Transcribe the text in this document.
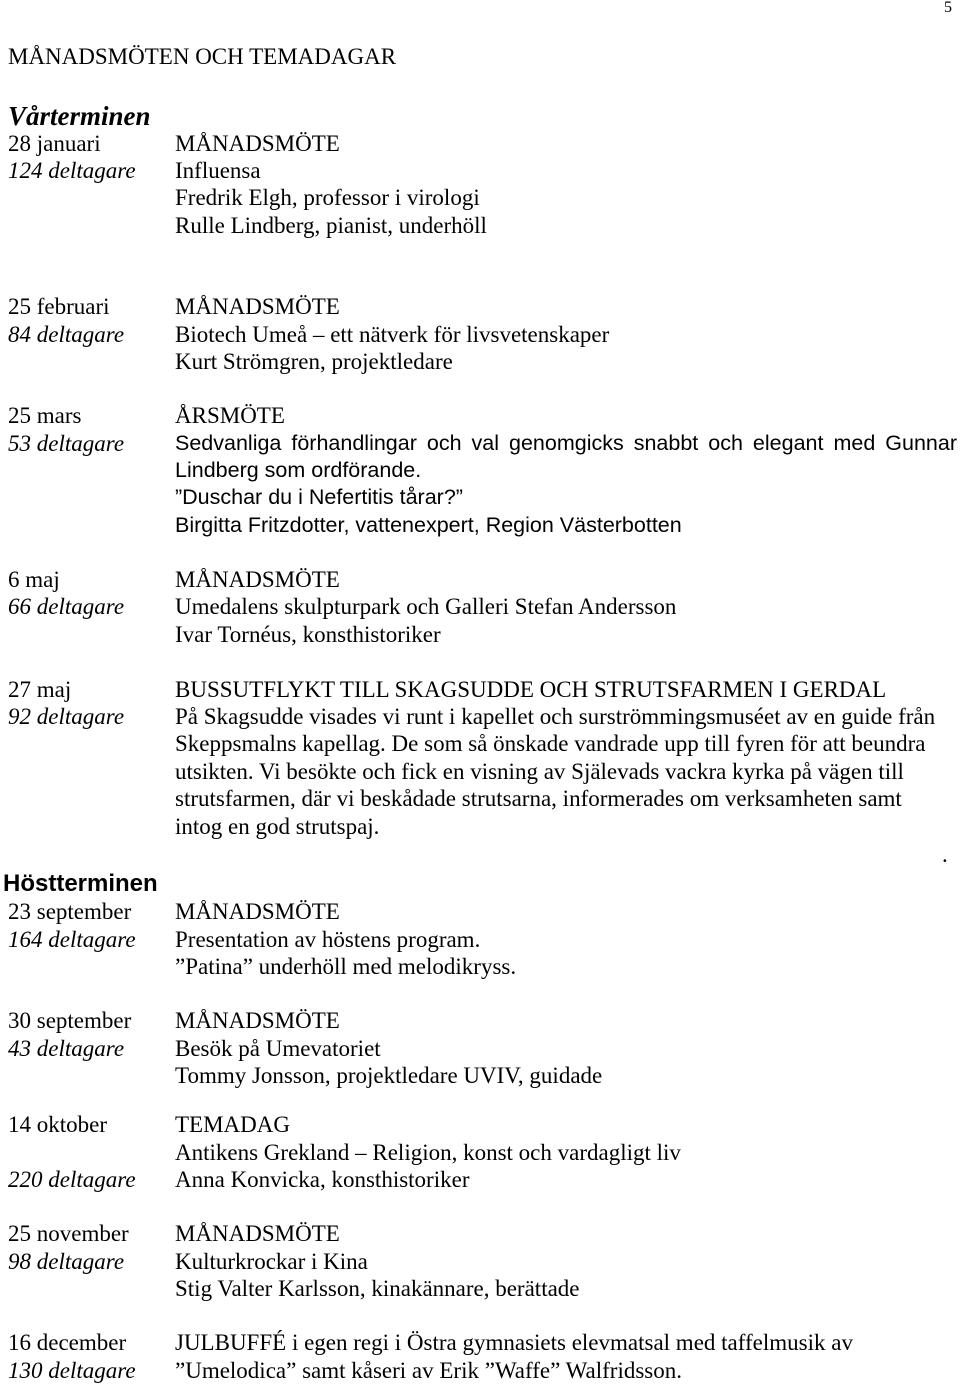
5
MÅNADSMÖTEN OCH TEMADAGAR
Vårterminen
28 januari	MÅNADSMÖTE
124 deltagare Influensa
Fredrik Elgh, professor i virologi
Rulle Lindberg, pianist, underhöll
25 februari	MÅNADSMÖTE
84 deltagare Biotech Umeå – ett nätverk för livsvetenskaper
Kurt Strömgren, projektledare
25 mars	ÅRSMÖTE
53 deltagare Sedvanliga förhandlingar och val genomgicks snabbt och elegant med Gunnar
Lindberg som ordförande.
”Duschar du i Nefertitis tårar?”
Birgitta Fritzdotter, vattenexpert, Region Västerbotten
6 maj	MÅNADSMÖTE
66 deltagare Umedalens skulpturpark och Galleri Stefan Andersson
Ivar Tornéus, konsthistoriker
27 maj	BUSSUTFLYKT TILL SKAGSUDDE OCH STRUTSFARMEN I GERDAL
92 deltagare På Skagsudde visades vi runt i kapellet och surströmmingsmuséet av en guide från
Skeppsmalns kapellag. De som så önskade vandrade upp till fyren för att beundra
utsikten. Vi besökte och fick en visning av Själevads vackra kyrka på vägen till
strutsfarmen, där vi beskådade strutsarna, informerades om verksamheten samt
intog en god strutspaj.
.
Höstterminen
23 september MÅNADSMÖTE
164 deltagare Presentation av höstens program.
”Patina” underhöll med melodikryss.
30 september MÅNADSMÖTE
43 deltagare Besök på Umevatoriet
Tommy Jonsson, projektledare UVIV, guidade
14 oktober	TEMADAG
Antikens Grekland – Religion, konst och vardagligt liv
220 deltagare Anna Konvicka, konsthistoriker
25 november MÅNADSMÖTE
98 deltagare Kulturkrockar i Kina
Stig Valter Karlsson, kinakännare, berättade
16 december JULBUFFÉ i egen regi i Östra gymnasiets elevmatsal med taffelmusik av
130 deltagare ”Umelodica” samt kåseri av Erik ”Waffe” Walfridsson.
